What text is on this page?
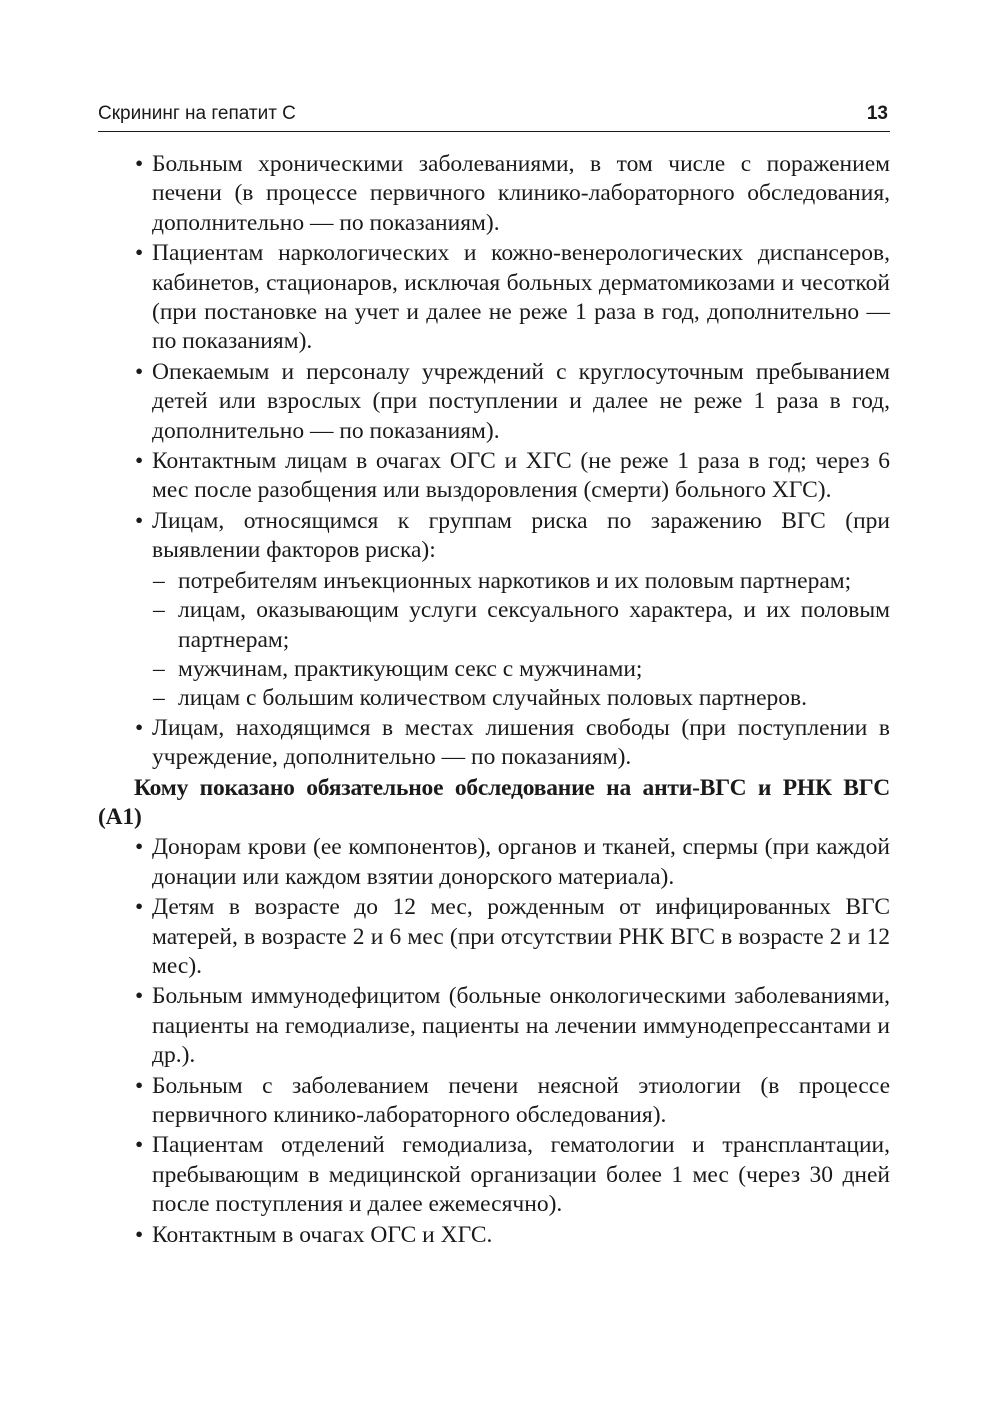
Скрининг на гепатит С	13

• Больным хроническими заболеваниями, в том числе с поражением печени (в процессе первичного клинико-лабораторного обследования, дополнительно — по показаниям).

• Пациентам наркологических и кожно-венерологических диспансеров, кабинетов, стационаров, исключая больных дерматомикозами и чесоткой (при постановке на учет и далее не реже 1 раза в год, дополнительно — по показаниям).

• Опекаемым и персоналу учреждений с круглосуточным пребыванием детей или взрослых (при поступлении и далее не реже 1 раза в год, дополнительно — по показаниям).

• Контактным лицам в очагах ОГС и ХГС (не реже 1 раза в год; через 6 мес после разобщения или выздоровления (смерти) больного ХГС).

• Лицам, относящимся к группам риска по заражению ВГС (при выявлении факторов риска):

– потребителям инъекционных наркотиков и их половым партнерам;

– лицам, оказывающим услуги сексуального характера, и их половым партнерам;

– мужчинам, практикующим секс с мужчинами;

– лицам с большим количеством случайных половых партнеров.

• Лицам, находящимся в местах лишения свободы (при поступлении в учреждение, дополнительно — по показаниям).

Кому показано обязательное обследование на анти-ВГС и РНК ВГС (A1)

• Донорам крови (ее компонентов), органов и тканей, спермы (при каждой донации или каждом взятии донорского материала).

• Детям в возрасте до 12 мес, рожденным от инфицированных ВГС матерей, в возрасте 2 и 6 мес (при отсутствии РНК ВГС в возрасте 2 и 12 мес).

• Больным иммунодефицитом (больные онкологическими заболеваниями, пациенты на гемодиализе, пациенты на лечении иммунодепрессантами и др.).

• Больным с заболеванием печени неясной этиологии (в процессе первичного клинико-лабораторного обследования).

• Пациентам отделений гемодиализа, гематологии и трансплантации, пребывающим в медицинской организации более 1 мес (через 30 дней после поступления и далее ежемесячно).

• Контактным в очагах ОГС и ХГС.
